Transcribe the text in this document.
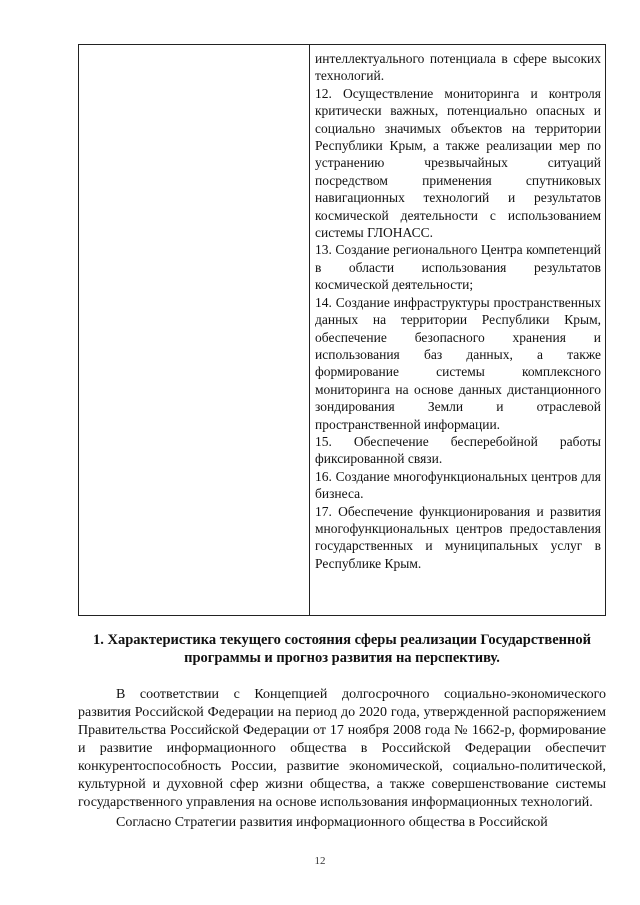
интеллектуального потенциала в сфере высоких технологий.

12. Осуществление мониторинга и контроля критически важных, потенциально опасных и социально значимых объектов на территории Республики Крым, а также реализации мер по устранению чрезвычайных ситуаций посредством применения спутниковых навигационных технологий и результатов космической деятельности с использованием системы ГЛОНАСС.

13. Создание регионального Центра компетенций в области использования результатов космической деятельности;

14. Создание инфраструктуры пространственных данных на территории Республики Крым, обеспечение безопасного хранения и использования баз данных, а также формирование системы комплексного мониторинга на основе данных дистанционного зондирования Земли и отраслевой пространственной информации.

15. Обеспечение бесперебойной работы фиксированной связи.

16. Создание многофункциональных центров для бизнеса.

17. Обеспечение функционирования и развития многофункциональных центров предоставления государственных и муниципальных услуг в Республике Крым.

1. Характеристика текущего состояния сферы реализации Государственной программы и прогноз развития на перспективу.

В соответствии с Концепцией долгосрочного социально-экономического развития Российской Федерации на период до 2020 года, утвержденной распоряжением Правительства Российской Федерации от 17 ноября 2008 года № 1662-р, формирование и развитие информационного общества в Российской Федерации обеспечит конкурентоспособность России, развитие экономической, социально-политической, культурной и духовной сфер жизни общества, а также совершенствование системы государственного управления на основе использования информационных технологий.

Согласно Стратегии развития информационного общества в Российской

12
